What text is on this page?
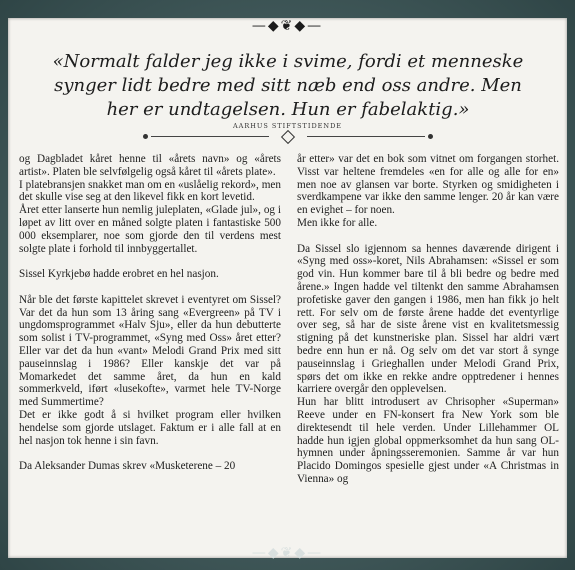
—◆❦◆—

«Normalt falder jeg ikke i svime, fordi et menneske synger lidt bedre med sitt næb end oss andre. Men her er undtagelsen. Hun er fabelaktig.»

AARHUS STIFTSTIDENDE

og Dagbladet kåret henne til «årets navn» og «årets artist». Platen ble selvfølgelig også kåret til «årets plate».

I platebransjen snakket man om en «uslåelig rekord», men det skulle vise seg at den likevel fikk en kort levetid.

Året etter lanserte hun nemlig juleplaten, «Glade jul», og i løpet av litt over en måned solgte platen i fantastiske 500 000 eksemplarer, noe som gjorde den til verdens mest solgte plate i forhold til innbyggertallet.

Sissel Kyrkjebø hadde erobret en hel nasjon.

Når ble det første kapittelet skrevet i eventyret om Sissel? Var det da hun som 13 åring sang «Evergreen» på TV i ungdomsprogrammet «Halv Sju», eller da hun debutterte som solist i TV-programmet, «Syng med Oss» året etter? Eller var det da hun «vant» Melodi Grand Prix med sitt pauseinnslag i 1986? Eller kanskje det var på Momarkedet det samme året, da hun en kald sommerkveld, iført «lusekofte», varmet hele TV-Norge med Summertime?

Det er ikke godt å si hvilket program eller hvilken hendelse som gjorde utslaget. Faktum er i alle fall at en hel nasjon tok henne i sin favn.

Da Aleksander Dumas skrev «Musketerene – 20

år etter» var det en bok som vitnet om forgangen storhet. Visst var heltene fremdeles «en for alle og alle for en» men noe av glansen var borte. Styrken og smidigheten i sverdkampene var ikke den samme lenger. 20 år kan være en evighet – for noen.

Men ikke for alle.

Da Sissel slo igjennom sa hennes daværende dirigent i «Syng med oss»-koret, Nils Abrahamsen: «Sissel er som god vin. Hun kommer bare til å bli bedre og bedre med årene.» Ingen hadde vel tiltenkt den samme Abrahamsen profetiske gaver den gangen i 1986, men han fikk jo helt rett. For selv om de første årene hadde det eventyrlige over seg, så har de siste årene vist en kvalitetsmessig stigning på det kunstneriske plan. Sissel har aldri vært bedre enn hun er nå. Og selv om det var stort å synge pauseinnslag i Grieghallen under Melodi Grand Prix, spørs det om ikke en rekke andre opptredener i hennes karriere overgår den opplevelsen.

Hun har blitt introdusert av Chrisopher «Superman» Reeve under en FN-konsert fra New York som ble direktesendt til hele verden. Under Lillehammer OL hadde hun igjen global oppmerksomhet da hun sang OL-hymnen under åpningsseremonien. Samme år var hun Placido Domingos spesielle gjest under «A Christmas in Vienna» og

—◆❦◆—
